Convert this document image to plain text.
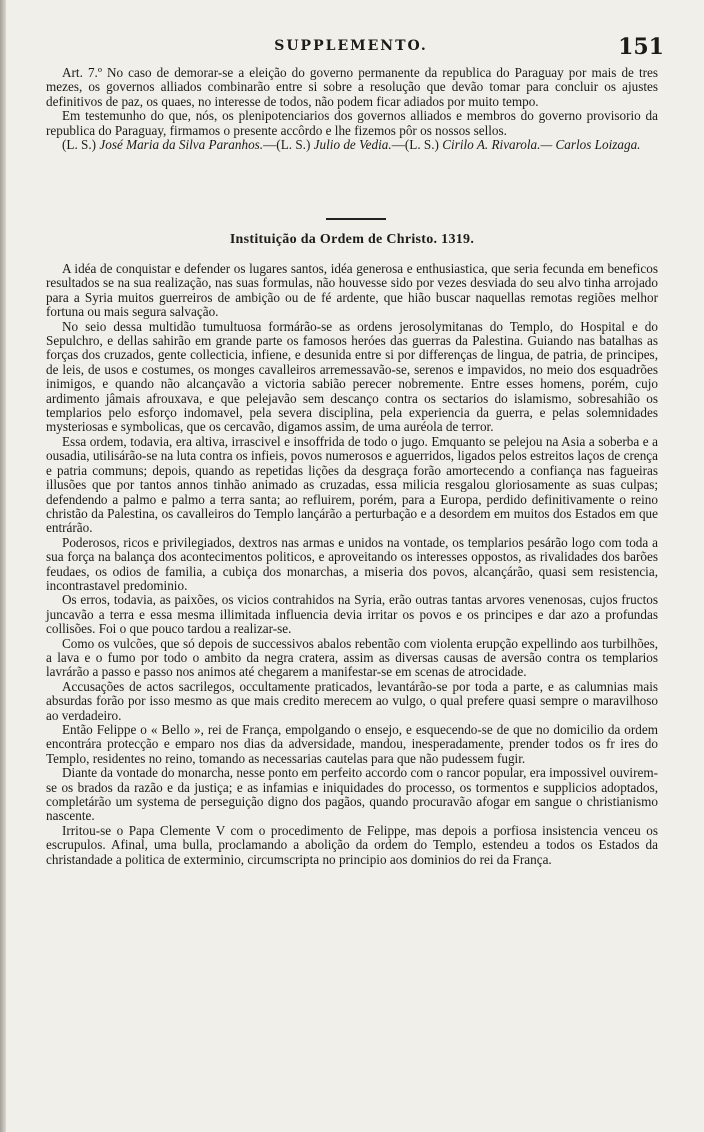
SUPPLEMENTO.	151

Art. 7.º No caso de demorar-se a eleição do governo permanente da republica do Paraguay por mais de tres mezes, os governos alliados combinarão entre si sobre a resolução que devão tomar para concluir os ajustes definitivos de paz, os quaes, no interesse de todos, não podem ficar adiados por muito tempo.

Em testemunho do que, nós, os plenipotenciarios dos governos alliados e membros do governo provisorio da republica do Paraguay, firmamos o presente accôrdo e lhe fizemos pôr os nossos sellos.

(L. S.) José Maria da Silva Paranhos.—(L. S.) Julio de Vedia.—(L. S.) Cirilo A. Rivarola.— Carlos Loizaga.

Instituição da Ordem de Christo. 1319.

A idéa de conquistar e defender os lugares santos, idéa generosa e enthusiastica, que seria fecunda em beneficos resultados se na sua realização, nas suas formulas, não houvesse sido por vezes desviada do seu alvo tinha arrojado para a Syria muitos guerreiros de ambição ou de fé ardente, que hião buscar naquellas remotas regiões melhor fortuna ou mais segura salvação.

No seio dessa multidão tumultuosa formárão-se as ordens jerosolymitanas do Templo, do Hospital e do Sepulchro, e dellas sahirão em grande parte os famosos heróes das guerras da Palestina. Guiando nas batalhas as forças dos cruzados, gente collecticia, infiene, e desunida entre si por differenças de lingua, de patria, de principes, de leis, de usos e costumes, os monges cavalleiros arremessavão-se, serenos e impavidos, no meio dos esquadrões inimigos, e quando não alcançavão a victoria sabião perecer nobremente. Entre esses homens, porém, cujo ardimento jâmais afrouxava, e que pelejavão sem descanço contra os sectarios do islamismo, sobresahião os templarios pelo esforço indomavel, pela severa disciplina, pela experiencia da guerra, e pelas solemnidades mysteriosas e symbolicas, que os cercavão, digamos assim, de uma auréola de terror.

Essa ordem, todavia, era altiva, irrascivel e insoffrida de todo o jugo. Emquanto se pelejou na Asia a soberba e a ousadia, utilisárão-se na luta contra os infieis, povos numerosos e aguerridos, ligados pelos estreitos laços de crença e patria communs; depois, quando as repetidas lições da desgraça forão amortecendo a confiança nas fagueiras illusões que por tantos annos tinhão animado as cruzadas, essa milicia resgalou gloriosamente as suas culpas; defendendo a palmo e palmo a terra santa; ao refluirem, porém, para a Europa, perdido definitivamente o reino christão da Palestina, os cavalleiros do Templo lançárão a perturbação e a desordem em muitos dos Estados em que entrárão.

Poderosos, ricos e privilegiados, dextros nas armas e unidos na vontade, os templarios pesárão logo com toda a sua força na balança dos acontecimentos politicos, e aproveitando os interesses oppostos, as rivalidades dos barões feudaes, os odios de familia, a cubiça dos monarchas, a miseria dos povos, alcançárão, quasi sem resistencia, incontrastavel predominio.

Os erros, todavia, as paixões, os vicios contrahidos na Syria, erão outras tantas arvores venenosas, cujos fructos juncavão a terra e essa mesma illimitada influencia devia irritar os povos e os principes e dar azo a profundas collisões. Foi o que pouco tardou a realizar-se.

Como os vulcões, que só depois de successivos abalos rebentão com violenta erupção expellindo aos turbilhões, a lava e o fumo por todo o ambito da negra cratera, assim as diversas causas de aversão contra os templarios lavrárão a passo e passo nos animos até chegarem a manifestar-se em scenas de atrocidade.

Accusações de actos sacrilegos, occultamente praticados, levantárão-se por toda a parte, e as calumnias mais absurdas forão por isso mesmo as que mais credito merecem ao vulgo, o qual prefere quasi sempre o maravilhoso ao verdadeiro.

Então Felippe o « Bello », rei de França, empolgando o ensejo, e esquecendo-se de que no domicilio da ordem encontrára protecção e emparo nos dias da adversidade, mandou, inesperadamente, prender todos os fr ires do Templo, residentes no reino, tomando as necessarias cautelas para que não pudessem fugir.

Diante da vontade do monarcha, nesse ponto em perfeito accordo com o rancor popular, era impossivel ouvirem-se os brados da razão e da justiça; e as infamias e iniquidades do processo, os tormentos e supplicios adoptados, completárão um systema de perseguição digno dos pagãos, quando procuravão afogar em sangue o christianismo nascente.

Irritou-se o Papa Clemente V com o procedimento de Felippe, mas depois a porfiosa insistencia venceu os escrupulos. Afinal, uma bulla, proclamando a abolição da ordem do Templo, estendeu a todos os Estados da christandade a politica de exterminio, circumscripta no principio aos dominios do rei da França.
